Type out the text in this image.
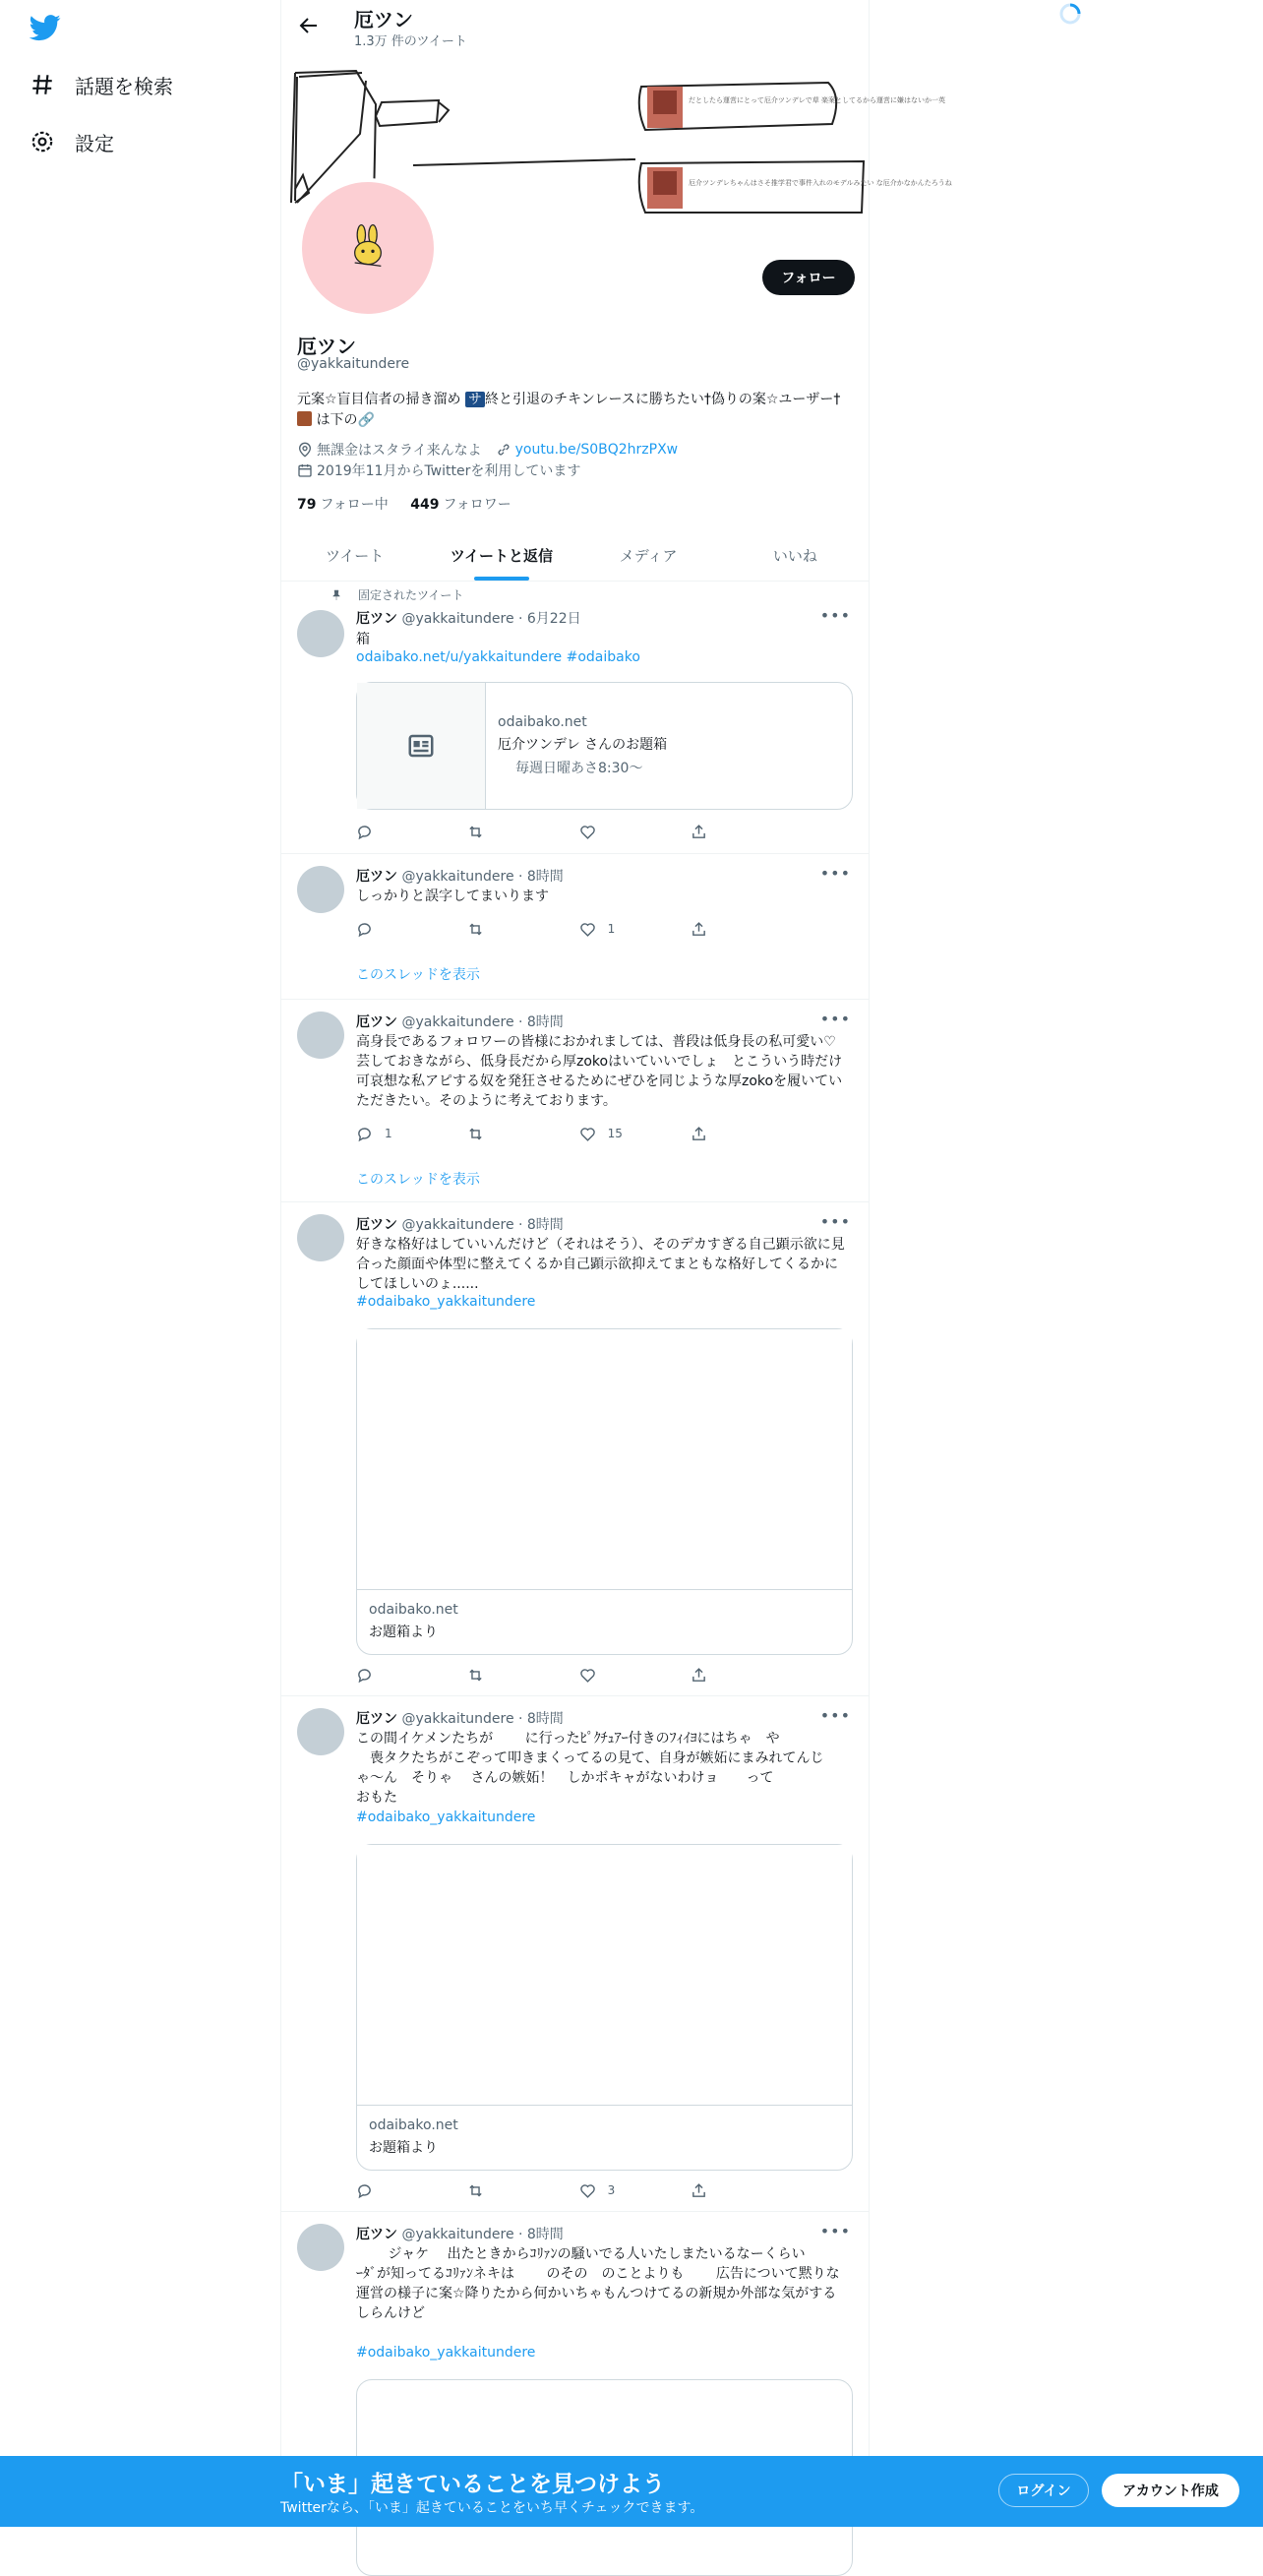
話題を検索
設定
厄ツン
1.3万 件のツイート
だとしたら運営にとって厄介ツンデレで草 楽案としてるから運営に嫌はないか一英
厄介ツンデレちゃんはさそ推学君で事件入れのモデルみたい な厄介かなかんたろうね
フォロー
厄ツン
@yakkaitundere
元案☆盲目信者の掃き溜め サ 終と引退のチキンレースに勝ちたい†偽りの案☆ユーザー†  は下の🔗
無課金はスタライ来んなよ youtu.be/S0BQ2hrzPXw
2019年11月からTwitterを利用しています
79 フォロー中 449 フォロワー
ツイート	ツイートと返信	メディア	いいね
固定されたツイート
厄ツン @yakkaitundere · 6月22日	•••
箱
odaibako.net/u/yakkaitundere #odaibako
odaibako.net
厄介ツンデレ さんのお題箱
毎週日曜あさ8:30〜
厄ツン @yakkaitundere · 8時間	•••
しっかりと誤字してまいります
1
このスレッドを表示
厄ツン @yakkaitundere · 8時間	•••
高身長であるフォロワーの皆様におかれましては、普段は低身長の私可愛い♡芸しておきながら、低身長だから厚zokoはいていいでしょ　とこういう時だけ可哀想な私アピする奴を発狂させるためにぜひを同じような厚zokoを履いていただきたい。そのように考えております。
1	15
このスレッドを表示
厄ツン @yakkaitundere · 8時間	•••
好きな格好はしていいんだけど（それはそう）、そのデカすぎる自己顕示欲に見合った顔面や体型に整えてくるか自己顕示欲抑えてまともな格好してくるかにしてほしいのょ......
#odaibako_yakkaitundere
odaibako.net
お題箱より
厄ツン @yakkaitundere · 8時間	•••
この間イケメンたちが　　 に行ったﾋﾟｸﾁｭｱｰ付きのﾌｨｲﾖにはちゃ　や
　喪タクたちがこぞって叩きまくってるの見て、自身が嫉妬にまみれてんじゃ〜ん　そりゃ　 さんの嫉妬！　しかボキャがないわけョ　　って
おもた
#odaibako_yakkaitundere
odaibako.net
お題箱より
3
厄ツン @yakkaitundere · 8時間	•••
　　 ジャケ　 出たときからｺﾘｧﾝの騒いでる人いたしまたいるなーくらい
ｰﾀﾞが知ってるｺﾘｧﾝネキは　　 のその　のことよりも　　 広告について黙りな運営の様子に案☆降りたから何かいちゃもんつけてるの新規か外部な気がする しらんけど
#odaibako_yakkaitundere
「いま」起きていることを見つけよう
Twitterなら、「いま」起きていることをいち早くチェックできます。
ログイン	アカウント作成
